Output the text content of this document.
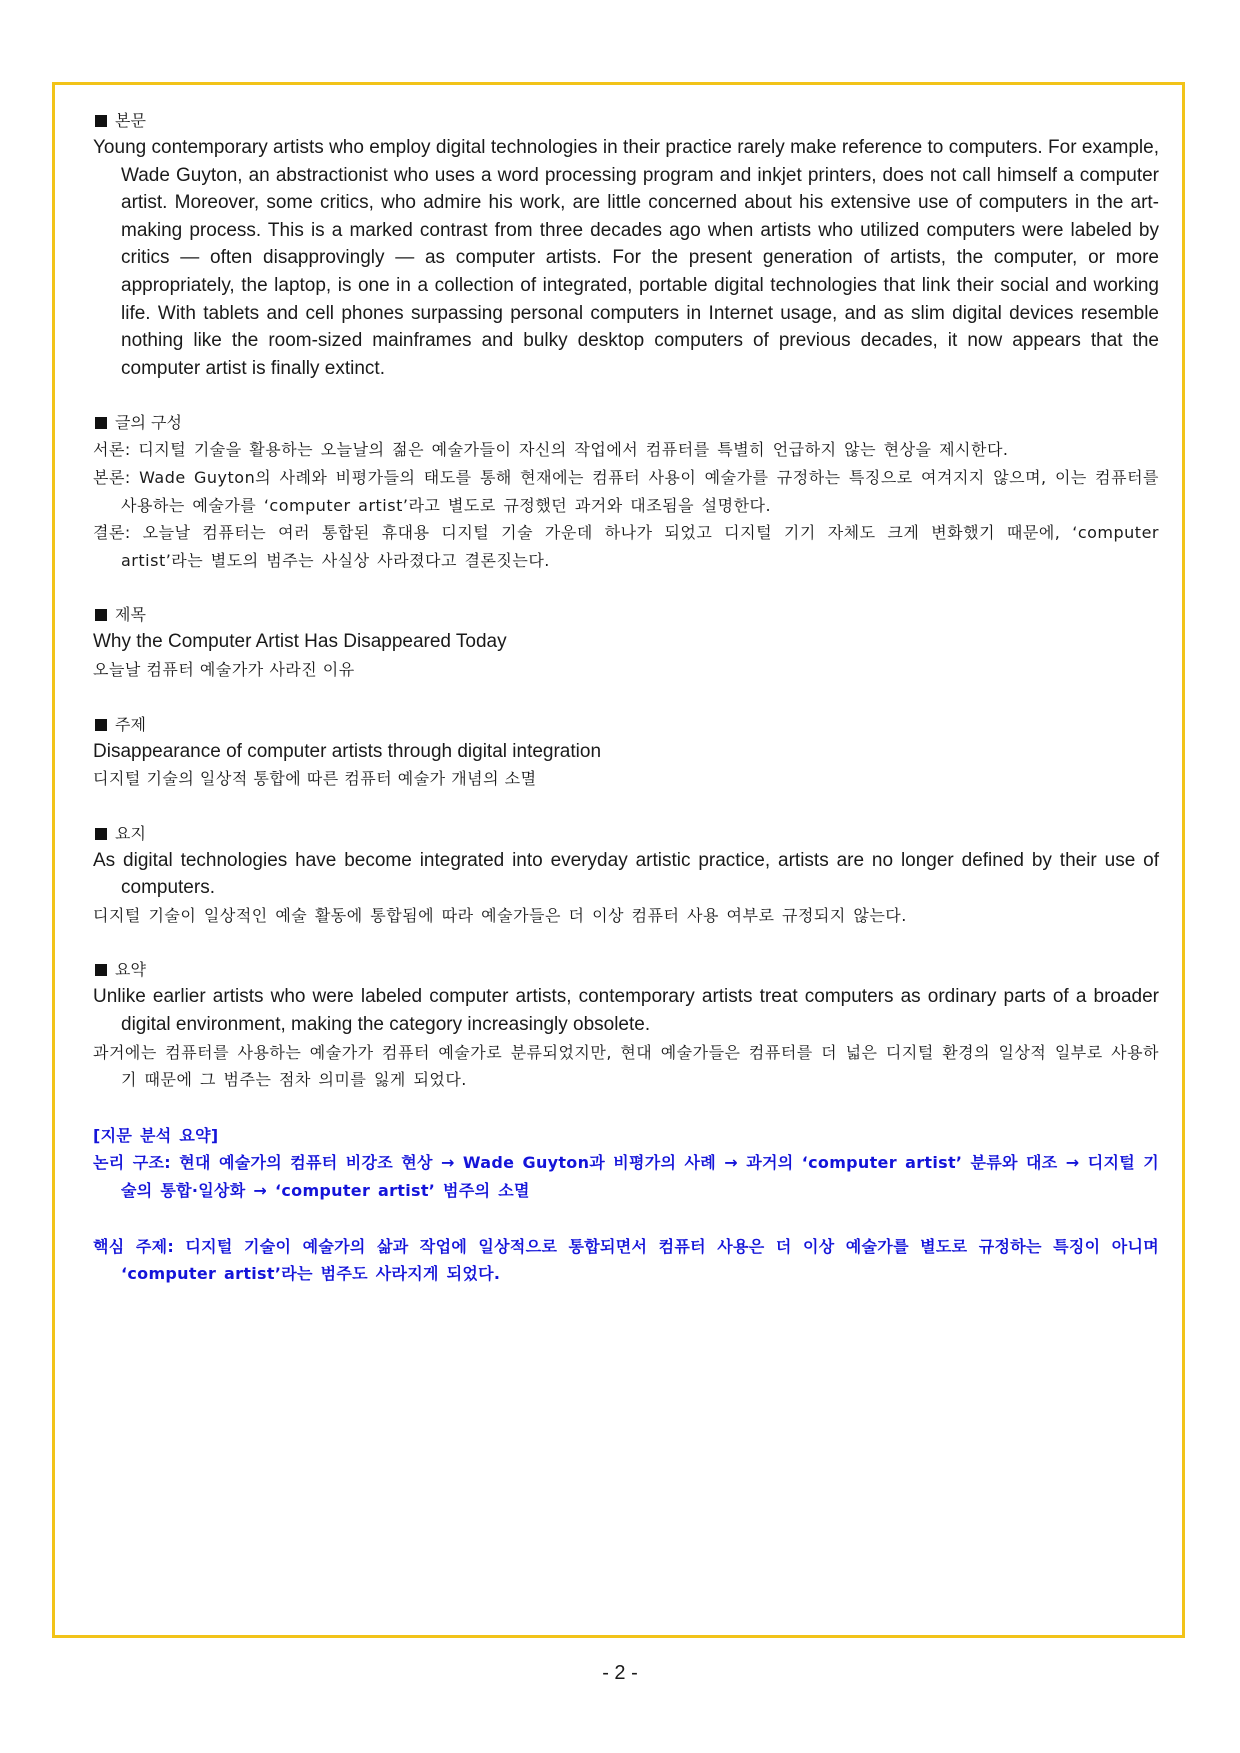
본문

Young contemporary artists who employ digital technologies in their practice rarely make reference to computers. For example, Wade Guyton, an abstractionist who uses a word processing program and inkjet printers, does not call himself a computer artist. Moreover, some critics, who admire his work, are little concerned about his extensive use of computers in the art-making process. This is a marked contrast from three decades ago when artists who utilized computers were labeled by critics — often disapprovingly — as computer artists. For the present generation of artists, the computer, or more appropriately, the laptop, is one in a collection of integrated, portable digital technologies that link their social and working life. With tablets and cell phones surpassing personal computers in Internet usage, and as slim digital devices resemble nothing like the room-sized mainframes and bulky desktop computers of previous decades, it now appears that the computer artist is finally extinct.

글의 구성

서론: 디지털 기술을 활용하는 오늘날의 젊은 예술가들이 자신의 작업에서 컴퓨터를 특별히 언급하지 않는 현상을 제시한다.

본론: Wade Guyton의 사례와 비평가들의 태도를 통해 현재에는 컴퓨터 사용이 예술가를 규정하는 특징으로 여겨지지 않으며, 이는 컴퓨터를 사용하는 예술가를 ‘computer artist’라고 별도로 규정했던 과거와 대조됨을 설명한다.

결론: 오늘날 컴퓨터는 여러 통합된 휴대용 디지털 기술 가운데 하나가 되었고 디지털 기기 자체도 크게 변화했기 때문에, ‘computer artist’라는 별도의 범주는 사실상 사라졌다고 결론짓는다.

제목

Why the Computer Artist Has Disappeared Today

오늘날 컴퓨터 예술가가 사라진 이유

주제

Disappearance of computer artists through digital integration

디지털 기술의 일상적 통합에 따른 컴퓨터 예술가 개념의 소멸

요지

As digital technologies have become integrated into everyday artistic practice, artists are no longer defined by their use of computers.

디지털 기술이 일상적인 예술 활동에 통합됨에 따라 예술가들은 더 이상 컴퓨터 사용 여부로 규정되지 않는다.

요약

Unlike earlier artists who were labeled computer artists, contemporary artists treat computers as ordinary parts of a broader digital environment, making the category increasingly obsolete.

과거에는 컴퓨터를 사용하는 예술가가 컴퓨터 예술가로 분류되었지만, 현대 예술가들은 컴퓨터를 더 넓은 디지털 환경의 일상적 일부로 사용하기 때문에 그 범주는 점차 의미를 잃게 되었다.

[지문 분석 요약]

논리 구조: 현대 예술가의 컴퓨터 비강조 현상 → Wade Guyton과 비평가의 사례 → 과거의 ‘computer artist’ 분류와 대조 → 디지털 기술의 통합·일상화 → ‘computer artist’ 범주의 소멸

핵심 주제: 디지털 기술이 예술가의 삶과 작업에 일상적으로 통합되면서 컴퓨터 사용은 더 이상 예술가를 별도로 규정하는 특징이 아니며 ‘computer artist’라는 범주도 사라지게 되었다.

- 2 -
